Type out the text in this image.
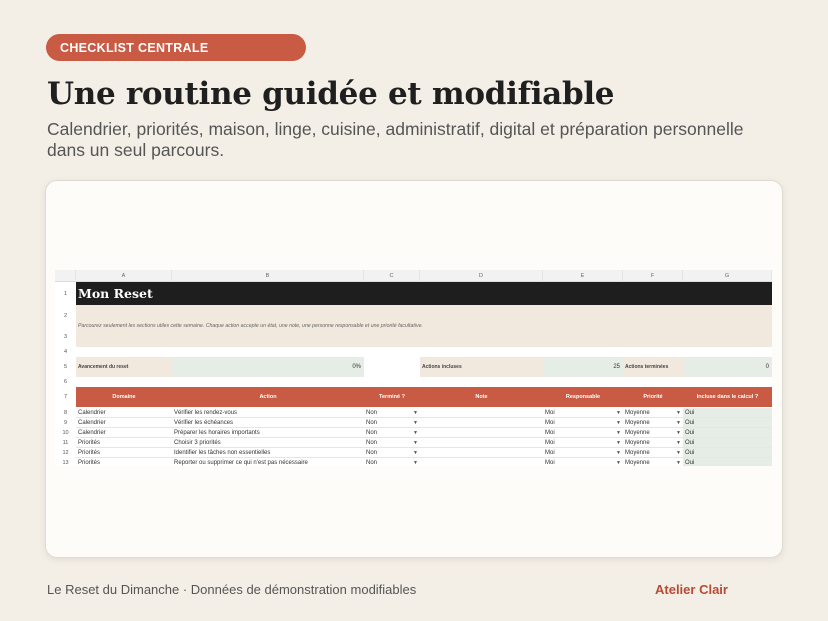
CHECKLIST CENTRALE
Une routine guidée et modifiable

Calendrier, priorités, maison, linge, cuisine, administratif, digital et préparation personnelle dans un seul parcours.

A	B	C	D	E	F	G
1 Mon Reset
2
3
Parcourez seulement les sections utiles cette semaine. Chaque action accepte un état, une note, une personne responsable et une priorité facultative.
4
5	Avancement du reset	0%	Actions incluses	25	Actions terminées	0
6
7	Domaine	Action	Terminé ?	Note	Responsable	Priorité	Incluse dans le calcul ?
8	Calendrier	Vérifier les rendez-vous	Non	▼	Moi	▼ Moyenne	▼ Oui
9	Calendrier	Vérifier les échéances	Non	▼	Moi	▼ Moyenne	▼ Oui
10	Calendrier	Préparer les horaires importants	Non	▼	Moi	▼ Moyenne	▼ Oui
11	Priorités	Choisir 3 priorités	Non	▼	Moi	▼ Moyenne	▼ Oui
12	Priorités	Identifier les tâches non essentielles	Non	▼	Moi	▼ Moyenne	▼ Oui
13	Priorités	Reporter ou supprimer ce qui n'est pas nécessaire	Non	▼	Moi	▼ Moyenne	▼ Oui
Le Reset du Dimanche · Données de démonstration modifiables	Atelier Clair
